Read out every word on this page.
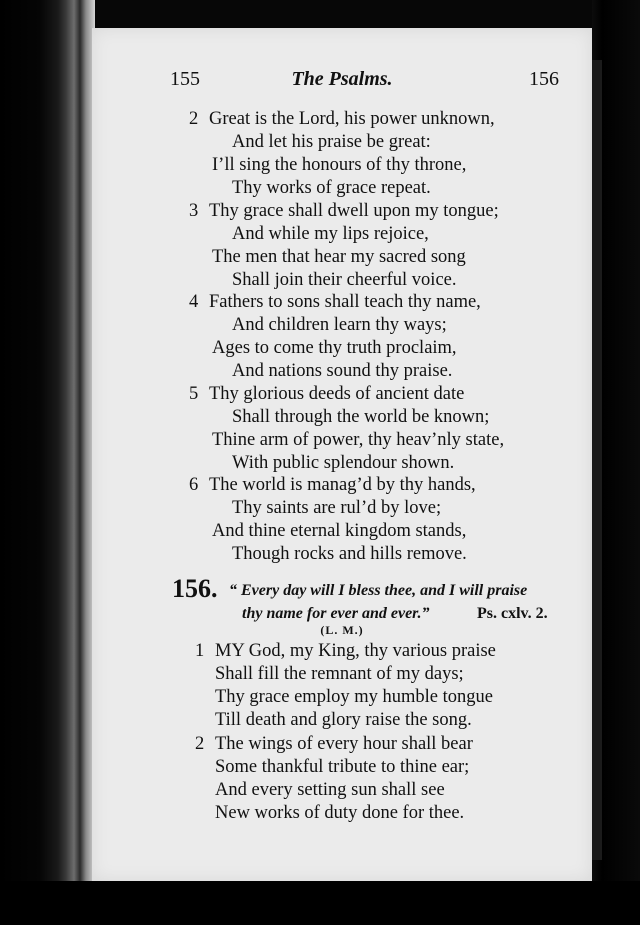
155	The Psalms.	156
2 Great is the Lord, his power unknown,
And let his praise be great:
I’ll sing the honours of thy throne,
Thy works of grace repeat.
3 Thy grace shall dwell upon my tongue;
And while my lips rejoice,
The men that hear my sacred song
Shall join their cheerful voice.
4 Fathers to sons shall teach thy name,
And children learn thy ways;
Ages to come thy truth proclaim,
And nations sound thy praise.
5 Thy glorious deeds of ancient date
Shall through the world be known;
Thine arm of power, thy heav’nly state,
With public splendour shown.
6 The world is manag’d by thy hands,
Thy saints are rul’d by love;
And thine eternal kingdom stands,
Though rocks and hills remove.
156. “ Every day will I bless thee, and I will praise
thy name for ever and ever.”	Ps. cxlv. 2.
(L. M.)
1 MY God, my King, thy various praise
Shall fill the remnant of my days;
Thy grace employ my humble tongue
Till death and glory raise the song.
2 The wings of every hour shall bear
Some thankful tribute to thine ear;
And every setting sun shall see
New works of duty done for thee.
